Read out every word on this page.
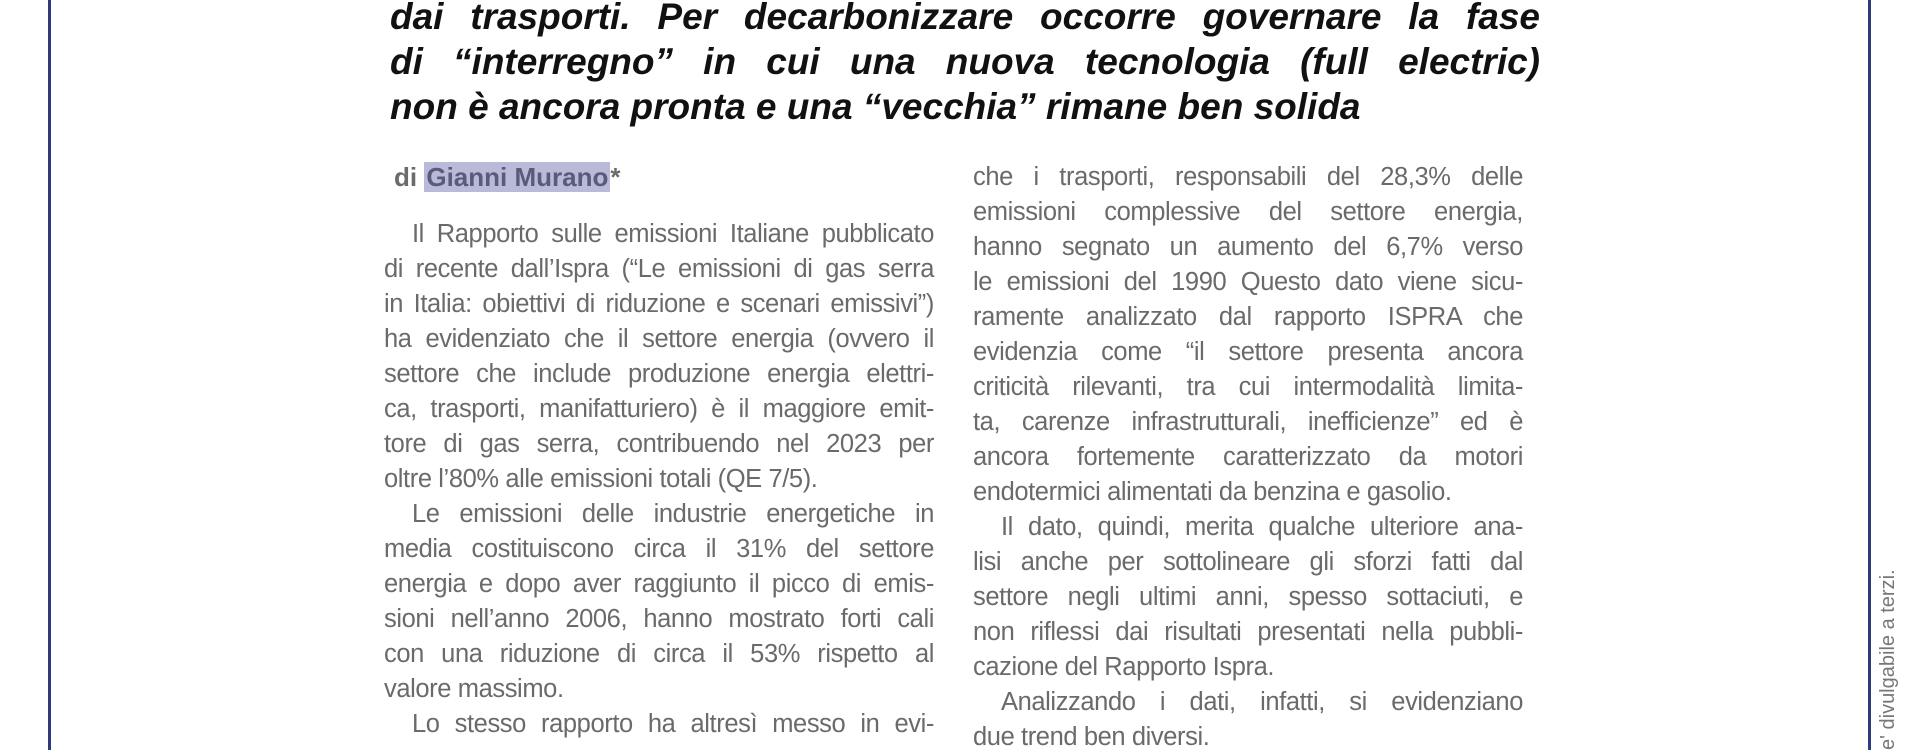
dai trasporti. Per decarbonizzare occorre governare la fase
di “interregno” in cui una nuova tecnologia (full electric)
non è ancora pronta e una “vecchia” rimane ben solida
di Gianni Murano*

Il Rapporto sulle emissioni Italiane pubblicato
di recente dall’Ispra (“Le emissioni di gas serra
in Italia: obiettivi di riduzione e scenari emissivi”)
ha evidenziato che il settore energia (ovvero il
settore che include produzione energia elettri-
ca, trasporti, manifatturiero) è il maggiore emit-
tore di gas serra, contribuendo nel 2023 per
oltre l’80% alle emissioni totali (QE 7/5).

Le emissioni delle industrie energetiche in
media costituiscono circa il 31% del settore
energia e dopo aver raggiunto il picco di emis-
sioni nell’anno 2006, hanno mostrato forti cali
con una riduzione di circa il 53% rispetto al
valore massimo.

Lo stesso rapporto ha altresì messo in evi-

che i trasporti, responsabili del 28,3% delle
emissioni complessive del settore energia,
hanno segnato un aumento del 6,7% verso
le emissioni del 1990 Questo dato viene sicu-
ramente analizzato dal rapporto ISPRA che
evidenzia come “il settore presenta ancora
criticità rilevanti, tra cui intermodalità limita-
ta, carenze infrastrutturali, inefficienze” ed è
ancora fortemente caratterizzato da motori
endotermici alimentati da benzina e gasolio.

Il dato, quindi, merita qualche ulteriore ana-
lisi anche per sottolineare gli sforzi fatti dal
settore negli ultimi anni, spesso sottaciuti, e
non riflessi dai risultati presentati nella pubbli-
cazione del Rapporto Ispra.

Analizzando i dati, infatti, si evidenziano
due trend ben diversi.	e' divulgabile a terzi.
